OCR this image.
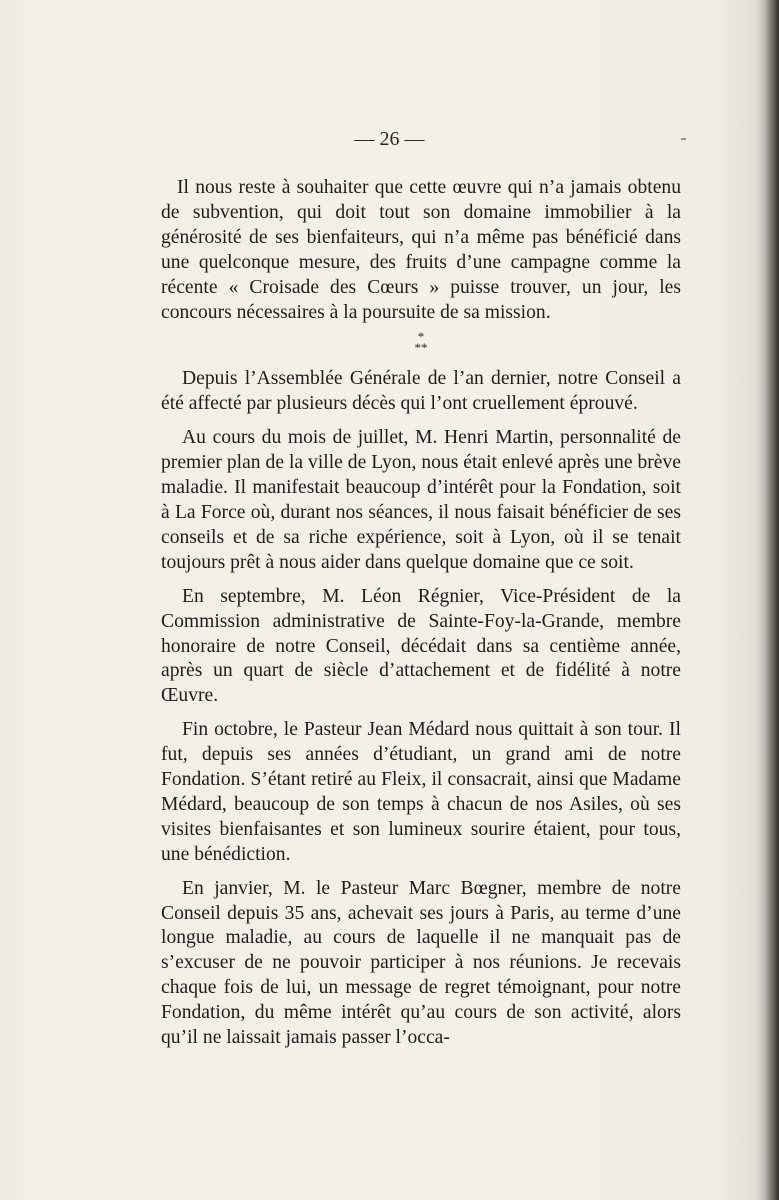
— 26 —

Il nous reste à souhaiter que cette œuvre qui n’a jamais obtenu de subvention, qui doit tout son domaine immobilier à la générosité de ses bienfaiteurs, qui n’a même pas bénéficié dans une quelconque mesure, des fruits d’une campagne comme la récente « Croisade des Cœurs » puisse trouver, un jour, les concours nécessaires à la poursuite de sa mission.

*
**

Depuis l’Assemblée Générale de l’an dernier, notre Conseil a été affecté par plusieurs décès qui l’ont cruellement éprouvé.

Au cours du mois de juillet, M. Henri Martin, personnalité de premier plan de la ville de Lyon, nous était enlevé après une brève maladie. Il manifestait beaucoup d’intérêt pour la Fondation, soit à La Force où, durant nos séances, il nous faisait bénéficier de ses conseils et de sa riche expérience, soit à Lyon, où il se tenait toujours prêt à nous aider dans quelque domaine que ce soit.

En septembre, M. Léon Régnier, Vice-Président de la Commission administrative de Sainte-Foy-la-Grande, membre honoraire de notre Conseil, décédait dans sa centième année, après un quart de siècle d’attachement et de fidélité à notre Œuvre.

Fin octobre, le Pasteur Jean Médard nous quittait à son tour. Il fut, depuis ses années d’étudiant, un grand ami de notre Fondation. S’étant retiré au Fleix, il consacrait, ainsi que Madame Médard, beaucoup de son temps à chacun de nos Asiles, où ses visites bienfaisantes et son lumineux sourire étaient, pour tous, une bénédiction.

En janvier, M. le Pasteur Marc Bœgner, membre de notre Conseil depuis 35 ans, achevait ses jours à Paris, au terme d’une longue maladie, au cours de laquelle il ne manquait pas de s’excuser de ne pouvoir participer à nos réunions. Je recevais chaque fois de lui, un message de regret témoignant, pour notre Fondation, du même intérêt qu’au cours de son activité, alors qu’il ne laissait jamais passer l’occa-
